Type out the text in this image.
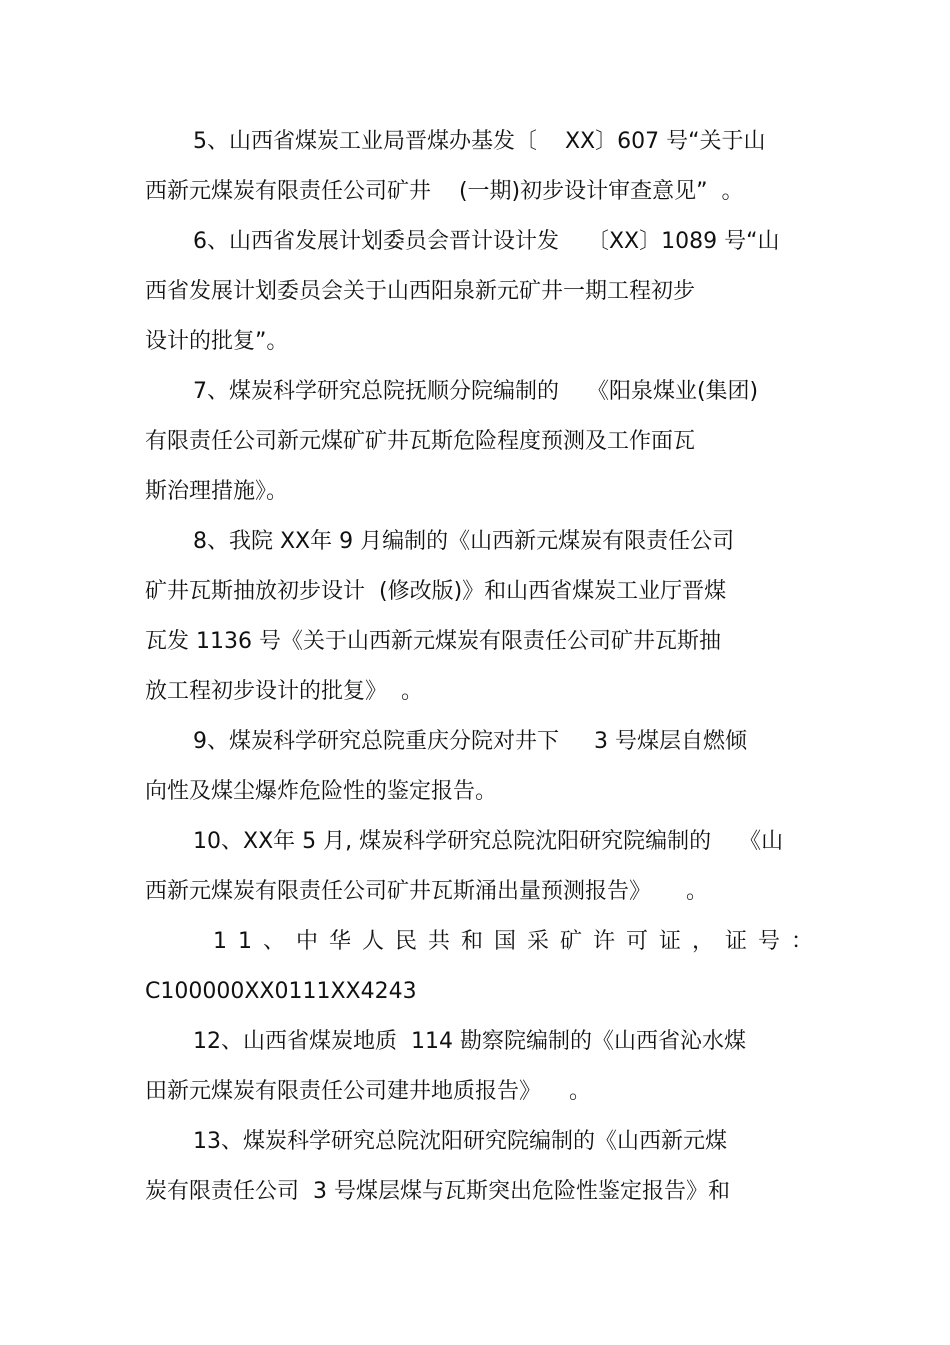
5、山西省煤炭工业局晋煤办基发〔    XX〕607 号“关于山
西新元煤炭有限责任公司矿井    (一期)初步设计审查意见”  。
6、山西省发展计划委员会晋计设计发    〔XX〕1089 号“山
西省发展计划委员会关于山西阳泉新元矿井一期工程初步
设计的批复”。
7、煤炭科学研究总院抚顺分院编制的    《阳泉煤业(集团)
有限责任公司新元煤矿矿井瓦斯危险程度预测及工作面瓦
斯治理措施》。
8、我院 XX年 9 月编制的《山西新元煤炭有限责任公司
矿井瓦斯抽放初步设计  (修改版)》和山西省煤炭工业厅晋煤
瓦发 1136 号《关于山西新元煤炭有限责任公司矿井瓦斯抽
放工程初步设计的批复》  。
9、煤炭科学研究总院重庆分院对井下     3 号煤层自燃倾
向性及煤尘爆炸危险性的鉴定报告。
10、XX年 5 月, 煤炭科学研究总院沈阳研究院编制的    《山
西新元煤炭有限责任公司矿井瓦斯涌出量预测报告》     。
11、中华人民共和国采矿许可证，证号：
C100000XX0111XX4243
12、山西省煤炭地质  114 勘察院编制的《山西省沁水煤
田新元煤炭有限责任公司建井地质报告》    。
13、煤炭科学研究总院沈阳研究院编制的《山西新元煤
炭有限责任公司  3 号煤层煤与瓦斯突出危险性鉴定报告》和
